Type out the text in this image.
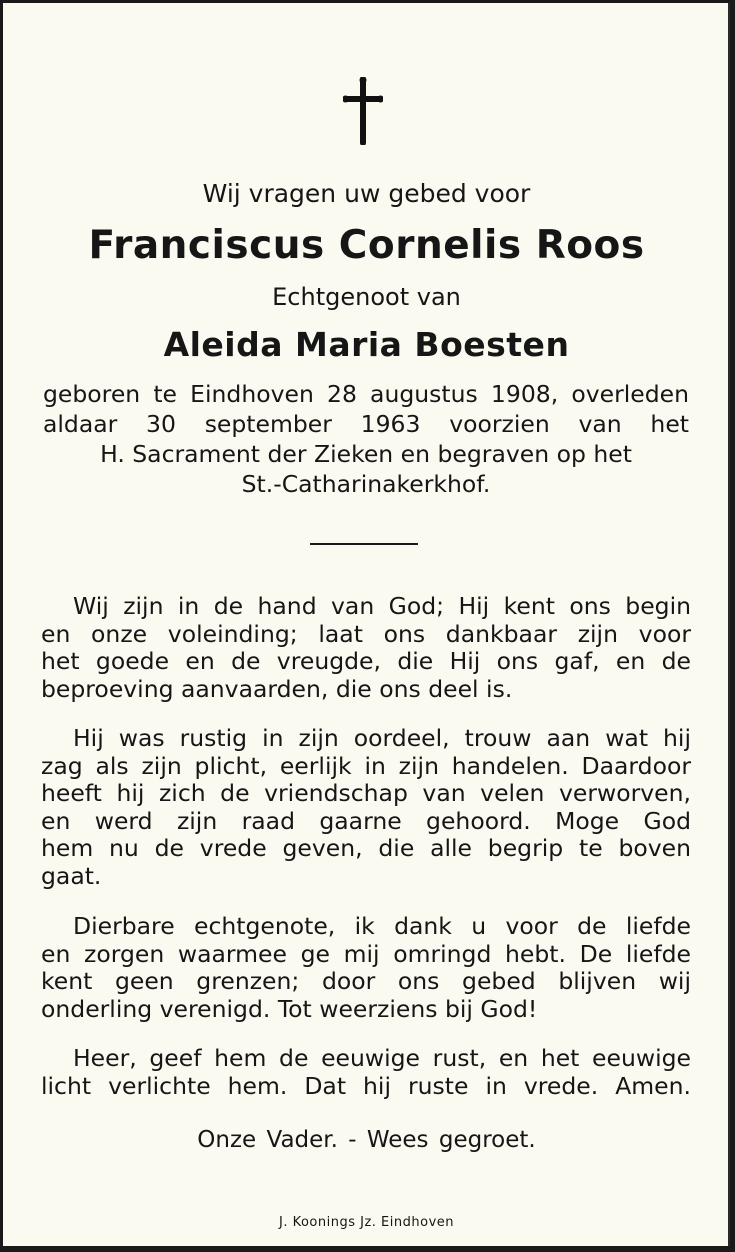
Wij vragen uw gebed voor
Franciscus Cornelis Roos
Echtgenoot van
Aleida Maria Boesten
geboren te Eindhoven 28 augustus 1908, overleden
aldaar 30 september 1963 voorzien van het
H. Sacrament der Zieken en begraven op het
St.-Catharinakerkhof.
Wij zijn in de hand van God; Hij kent ons begin
en onze voleinding; laat ons dankbaar zijn voor
het goede en de vreugde, die Hij ons gaf, en de
beproeving aanvaarden, die ons deel is.
Hij was rustig in zijn oordeel, trouw aan wat hij
zag als zijn plicht, eerlijk in zijn handelen. Daardoor
heeft hij zich de vriendschap van velen verworven,
en werd zijn raad gaarne gehoord. Moge God
hem nu de vrede geven, die alle begrip te boven
gaat.
Dierbare echtgenote, ik dank u voor de liefde
en zorgen waarmee ge mij omringd hebt. De liefde
kent geen grenzen; door ons gebed blijven wij
onderling verenigd. Tot weerziens bij God!
Heer, geef hem de eeuwige rust, en het eeuwige
licht verlichte hem. Dat hij ruste in vrede. Amen.
Onze Vader. - Wees gegroet.
J. Koonings Jz. Eindhoven
